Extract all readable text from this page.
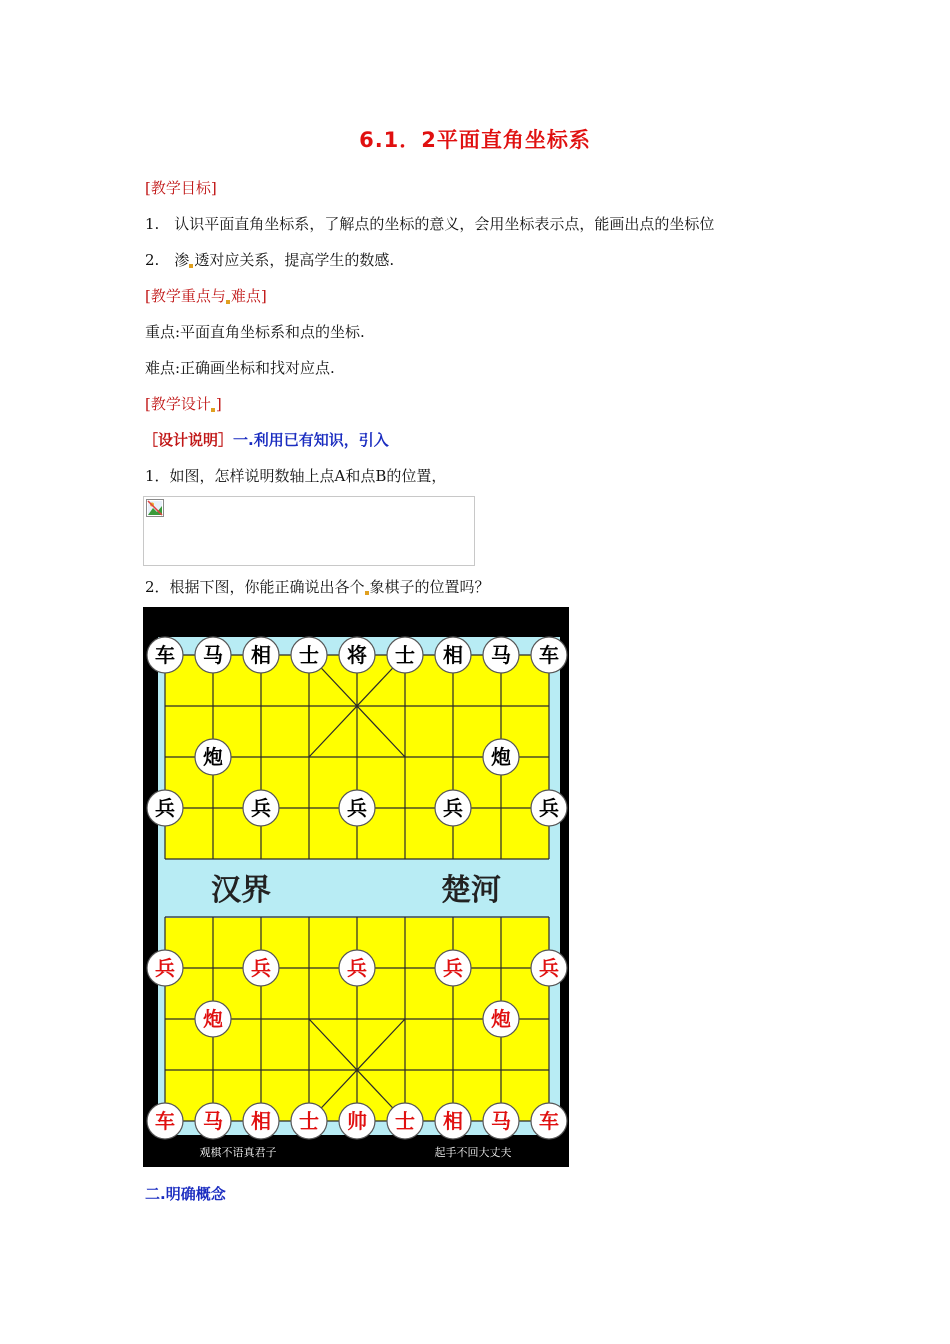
6.1．2平面直角坐标系
[教学目标]
1.　认识平面直角坐标系，了解点的坐标的意义，会用坐标表示点，能画出点的坐标位
2.　渗 透对应关系，提高学生的数感.
[教学重点与 难点]
重点:平面直角坐标系和点的坐标.
难点:正确画坐标和找对应点.
[教学设计 ]
［设计说明］一.利用已有知识，引入
1．如图，怎样说明数轴上点A和点B的位置，
2．根据下图，你能正确说出各个 象棋子的位置吗？
汉界	楚河
车 马 相 士 将 士 相 马 车
炮	炮
兵	兵	兵	兵	兵
兵	兵	兵	兵	兵
炮	炮
车 马 相 士 帅 士 相 马 车
观棋不语真君子	起手不回大丈夫
二.明确概念
